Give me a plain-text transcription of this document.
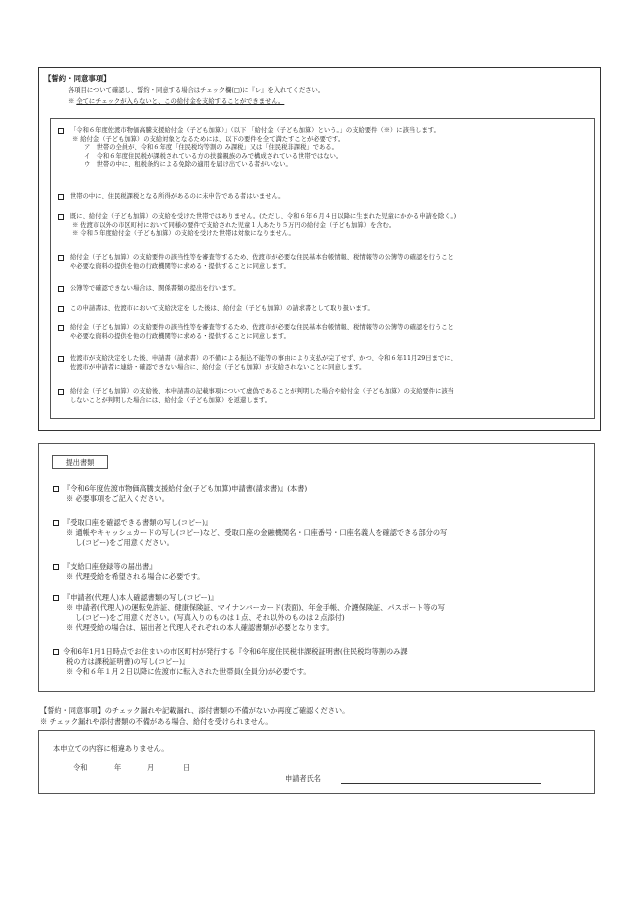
【誓約・同意事項】
各項目について確認し、誓約・同意する場合はチェック欄(□)に『レ』を入れてください。
※ 全てにチェックが入らないと、この給付金を支給することができません。
「令和６年度佐渡市物価高騰支援給付金（子ども加算）」（以下 「給付金（子ども加算）という。」の支給要件（※）に該当します。
※ 給付金（子ども加算）の支給対象となるためには、以下の要件を全て満たすことが必要です。
ア　世帯の全員が、令和６年度「住民税均等割の み課税」又は「住民税非課税」である。
イ　令和６年度住民税が課税されている方の扶養親族のみで構成されている世帯ではない。
ウ　世帯の中に、租税条約による免除の適用を届け出ている者がいない。
世帯の中に、住民税課税となる所得があるのに未申告である者はいません。
既に、給付金（子ども加算）の支給を受けた世帯ではありません。(ただし、令和６年６月４日以降に生まれた児童にかかる申請を除く。)
※ 佐渡市以外の市区町村において同様の要件で支給された児童１人あたり５万円の給付金（子ども加算）を含む。
※ 令和５年度給付金（子ども加算）の支給を受けた世帯は対象になりません。
給付金（子ども加算）の支給要件の該当性等を審査等するため、佐渡市が必要な住民基本台帳情報、税情報等の公簿等の確認を行うこと
や必要な資料の提供を他の行政機関等に求める・提供することに同意します。
公簿等で確認できない場合は、関係書類の提出を行います。
この申請書は、佐渡市において支給決定を した後は、給付金（子ども加算）の請求書として取り扱います。
給付金（子ども加算）の支給要件の該当性等を審査等するため、佐渡市が必要な住民基本台帳情報、税情報等の公簿等の確認を行うこと
や必要な資料の提供を他の行政機関等に求める・提供することに同意します。
佐渡市が支給決定をした後、申請書（請求書）の不備による振込不能等の事由により支払が完了せず、かつ、令和６年11月29日までに、
佐渡市が申請者に連絡・確認できない場合に、給付金（子ども加算）が支給されないことに同意します。
給付金（子ども加算）の支給後、本申請書の記載事項について虚偽であることが判明した場合や給付金（子ども加算）の支給要件に該当
しないことが判明した場合には、給付金（子ども加算）を返還します。
提出書類
『令和6年度佐渡市物価高騰支援給付金(子ども加算)申請書(請求書)』(本書)
※ 必要事項をご記入ください。
『受取口座を確認できる書類の写し(コピー)』
※ 通帳やキャッシュカードの写し(コピー)など、受取口座の金融機関名・口座番号・口座名義人を確認できる部分の写
し(コピー)をご用意ください。
『支給口座登録等の届出書』
※ 代理受給を希望される場合に必要です。
『申請者(代理人)本人確認書類の写し(コピー)』
※ 申請者(代理人)の運転免許証、健康保険証、マイナンバーカード(表面)、年金手帳、介護保険証、パスポート等の写
し(コピー)をご用意ください。(写真入りのものは１点、それ以外のものは２点添付)
※ 代理受給の場合は、届出者と代理人それぞれの本人確認書類が必要となります。
令和6年1月1日時点でお住まいの市区町村が発行する『令和6年度住民税非課税証明書(住民税均等割のみ課
税の方は課税証明書)の写し(コピー)』
※ 令和６年１月２日以降に佐渡市に転入された世帯員(全員分)が必要です。
【誓約・同意事項】のチェック漏れや記載漏れ、添付書類の不備がないか再度ご確認ください。
※ チェック漏れや添付書類の不備がある場合、給付を受けられません。
本申立ての内容に相違ありません。
令和	年	月	日
申請者氏名
